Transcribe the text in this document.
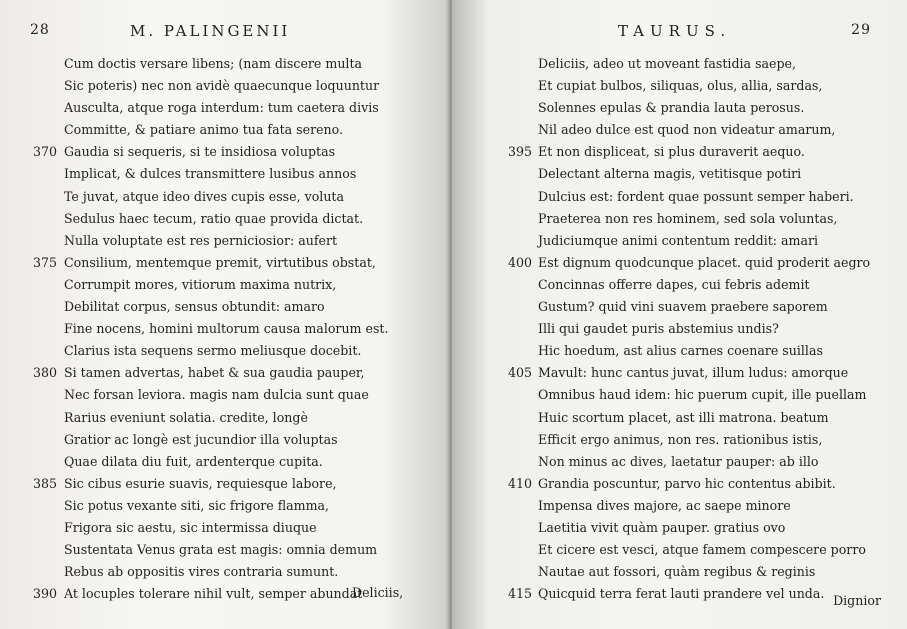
28	M. PALINGENII
Cum doctis versare libens; (nam discere multa
Sic poteris) nec non avidè quaecunque loquuntur
Ausculta, atque roga interdum: tum caetera divis
Committe, & patiare animo tua fata sereno.
370 Gaudia si sequeris, si te insidiosa voluptas
Implicat, & dulces transmittere lusibus annos
Te juvat, atque ideo dives cupis esse, voluta
Sedulus haec tecum, ratio quae provida dictat.
Nulla voluptate est res perniciosior: aufert
375 Consilium, mentemque premit, virtutibus obstat,
Corrumpit mores, vitiorum maxima nutrix,
Debilitat corpus, sensus obtundit: amaro
Fine nocens, homini multorum causa malorum est.
Clarius ista sequens sermo meliusque docebit.
380 Si tamen advertas, habet & sua gaudia pauper,
Nec forsan leviora. magis nam dulcia sunt quae
Rarius eveniunt solatia. credite, longè
Gratior ac longè est jucundior illa voluptas
Quae dilata diu fuit, ardenterque cupita.
385 Sic cibus esurie suavis, requiesque labore,
Sic potus vexante siti, sic frigore flamma,
Frigora sic aestu, sic intermissa diuque
Sustentata Venus grata est magis: omnia demum
Rebus ab oppositis vires contraria sumunt.
390 At locuples tolerare nihil vult, semper abundat
Deliciis,
TAURUS.	29
Deliciis, adeo ut moveant fastidia saepe,
Et cupiat bulbos, siliquas, olus, allia, sardas,
Solennes epulas & prandia lauta perosus.
Nil adeo dulce est quod non videatur amarum,
395 Et non displiceat, si plus duraverit aequo.
Delectant alterna magis, vetitisque potiri
Dulcius est: fordent quae possunt semper haberi.
Praeterea non res hominem, sed sola voluntas,
Judiciumque animi contentum reddit: amari
400 Est dignum quodcunque placet. quid proderit aegro
Concinnas offerre dapes, cui febris ademit
Gustum? quid vini suavem praebere saporem
Illi qui gaudet puris abstemius undis?
Hic hoedum, ast alius carnes coenare suillas
405 Mavult: hunc cantus juvat, illum ludus: amorque
Omnibus haud idem: hic puerum cupit, ille puellam
Huic scortum placet, ast illi matrona. beatum
Efficit ergo animus, non res. rationibus istis,
Non minus ac dives, laetatur pauper: ab illo
410 Grandia poscuntur, parvo hic contentus abibit.
Impensa dives majore, ac saepe minore
Laetitia vivit quàm pauper. gratius ovo
Et cicere est vesci, atque famem compescere porro
Nautae aut fossori, quàm regibus & reginis
415 Quicquid terra ferat lauti prandere vel unda. Dignior
